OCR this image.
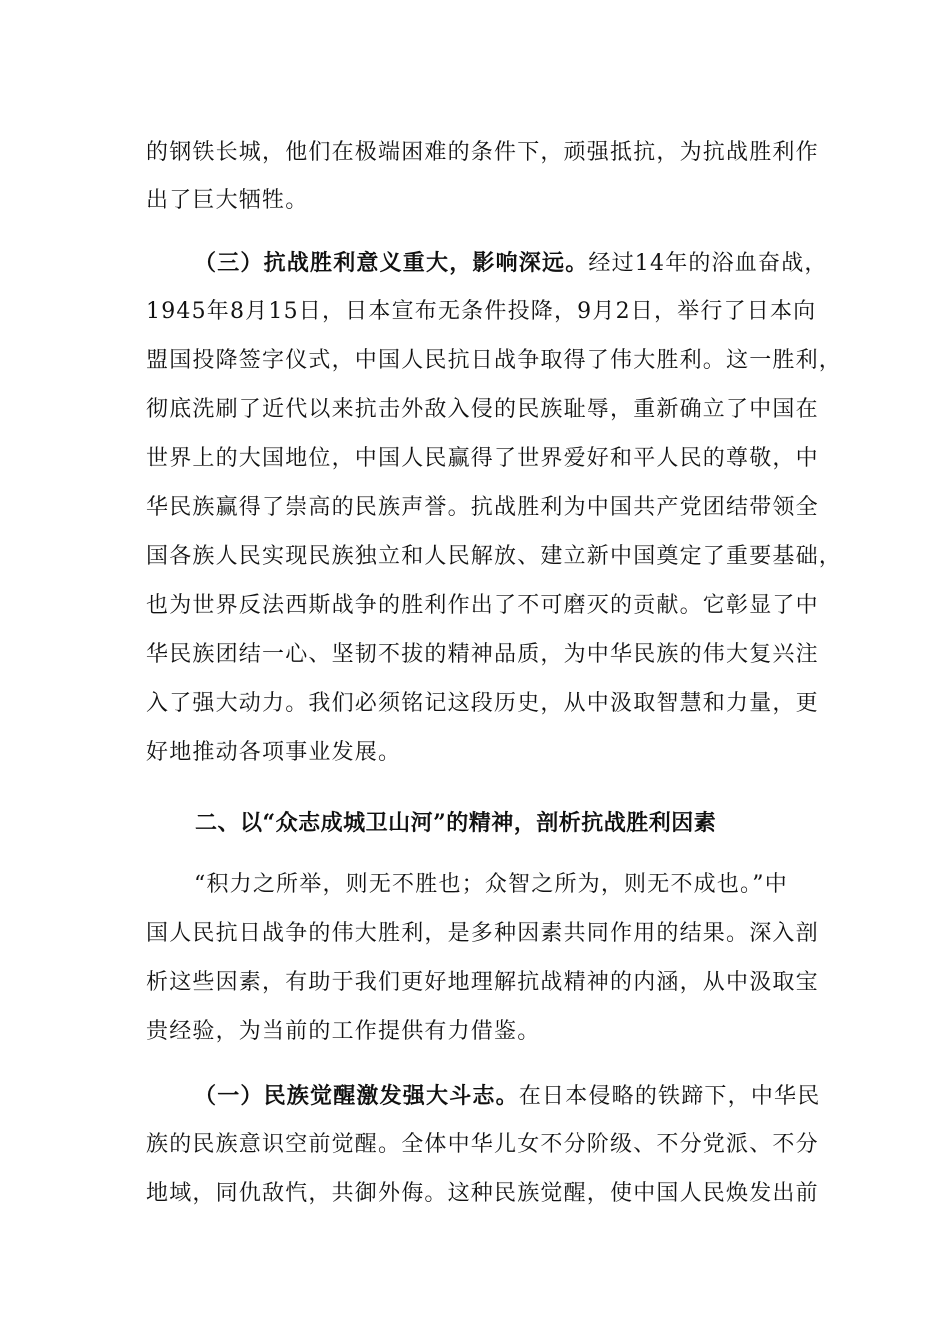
的钢铁长城，他们在极端困难的条件下，顽强抵抗，为抗战胜利作
出了巨大牺牲。
（三）抗战胜利意义重大，影响深远。经过14年的浴血奋战，
1945年8月15日，日本宣布无条件投降，9月2日，举行了日本向
盟国投降签字仪式，中国人民抗日战争取得了伟大胜利。这一胜利，
彻底洗刷了近代以来抗击外敌入侵的民族耻辱，重新确立了中国在
世界上的大国地位，中国人民赢得了世界爱好和平人民的尊敬，中
华民族赢得了崇高的民族声誉。抗战胜利为中国共产党团结带领全
国各族人民实现民族独立和人民解放、建立新中国奠定了重要基础，
也为世界反法西斯战争的胜利作出了不可磨灭的贡献。它彰显了中
华民族团结一心、坚韧不拔的精神品质，为中华民族的伟大复兴注
入了强大动力。我们必须铭记这段历史，从中汲取智慧和力量，更
好地推动各项事业发展。
二、以“众志成城卫山河”的精神，剖析抗战胜利因素
“积力之所举，则无不胜也；众智之所为，则无不成也。”中
国人民抗日战争的伟大胜利，是多种因素共同作用的结果。深入剖
析这些因素，有助于我们更好地理解抗战精神的内涵，从中汲取宝
贵经验，为当前的工作提供有力借鉴。
（一）民族觉醒激发强大斗志。在日本侵略的铁蹄下，中华民
族的民族意识空前觉醒。全体中华儿女不分阶级、不分党派、不分
地域，同仇敌忾，共御外侮。这种民族觉醒，使中国人民焕发出前
